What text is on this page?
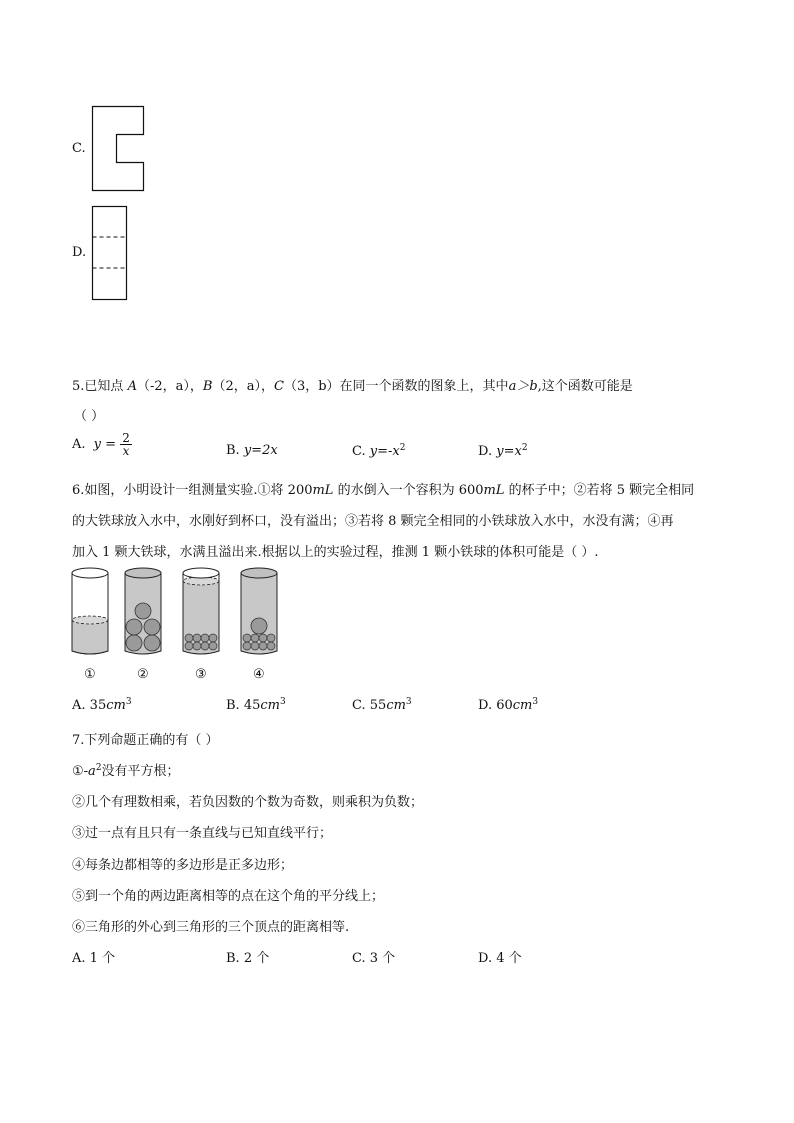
C.
D.
5.已知点 A（-2，a），B（2，a），C（3，b）在同一个函数的图象上，其中a＞b,这个函数可能是
（ ）
A. $y = \frac{2}{x}$	B. y=2x	C. $y=-x^2$	D. $y=x^2$
6.如图，小明设计一组测量实验.①将 200mL 的水倒入一个容积为 600mL 的杯子中；②若将 5 颗完全相同
的大铁球放入水中，水刚好到杯口，没有溢出；③若将 8 颗完全相同的小铁球放入水中，水没有满；④再
加入 1 颗大铁球，水满且溢出来.根据以上的实验过程，推测 1 颗小铁球的体积可能是（ ）.
①	②	③	④
A. $35cm^3$	B. $45cm^3$	C. $55cm^3$	D. $60cm^3$
7.下列命题正确的有（ ）
$①-a^2$没有平方根；
②几个有理数相乘，若负因数的个数为奇数，则乘积为负数；
③过一点有且只有一条直线与已知直线平行；
④每条边都相等的多边形是正多边形；
⑤到一个角的两边距离相等的点在这个角的平分线上；
⑥三角形的外心到三角形的三个顶点的距离相等.
A. 1 个	B. 2 个	C. 3 个	D. 4 个
